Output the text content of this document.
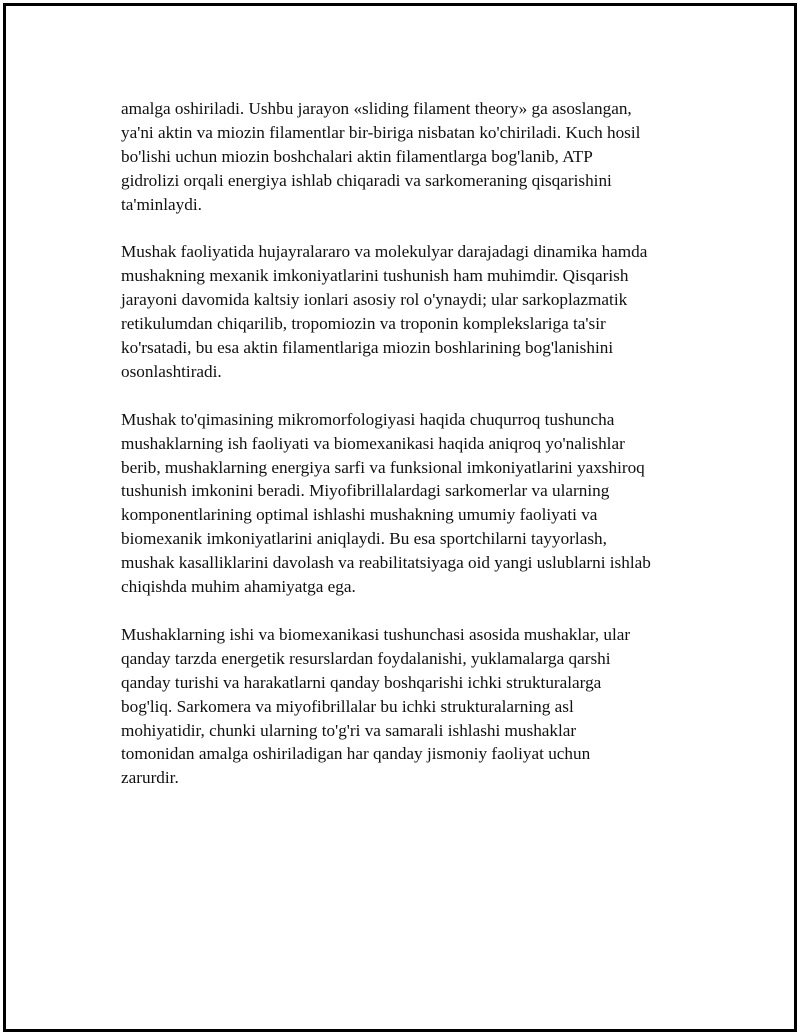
amalga oshiriladi. Ushbu jarayon «sliding filament theory» ga asoslangan,
ya'ni aktin va miozin filamentlar bir-biriga nisbatan ko'chiriladi. Kuch hosil
bo'lishi uchun miozin boshchalari aktin filamentlarga bog'lanib, ATP
gidrolizi orqali energiya ishlab chiqaradi va sarkomeraning qisqarishini
ta'minlaydi.

Mushak faoliyatida hujayralararo va molekulyar darajadagi dinamika hamda
mushakning mexanik imkoniyatlarini tushunish ham muhimdir. Qisqarish
jarayoni davomida kaltsiy ionlari asosiy rol o'ynaydi; ular sarkoplazmatik
retikulumdan chiqarilib, tropomiozin va troponin komplekslariga ta'sir
ko'rsatadi, bu esa aktin filamentlariga miozin boshlarining bog'lanishini
osonlashtiradi.

Mushak to'qimasining mikromorfologiyasi haqida chuqurroq tushuncha
mushaklarning ish faoliyati va biomexanikasi haqida aniqroq yo'nalishlar
berib, mushaklarning energiya sarfi va funksional imkoniyatlarini yaxshiroq
tushunish imkonini beradi. Miyofibrillalardagi sarkomerlar va ularning
komponentlarining optimal ishlashi mushakning umumiy faoliyati va
biomexanik imkoniyatlarini aniqlaydi. Bu esa sportchilarni tayyorlash,
mushak kasalliklarini davolash va reabilitatsiyaga oid yangi uslublarni ishlab
chiqishda muhim ahamiyatga ega.

Mushaklarning ishi va biomexanikasi tushunchasi asosida mushaklar, ular
qanday tarzda energetik resurslardan foydalanishi, yuklamalarga qarshi
qanday turishi va harakatlarni qanday boshqarishi ichki strukturalarga
bog'liq. Sarkomera va miyofibrillalar bu ichki strukturalarning asl
mohiyatidir, chunki ularning to'g'ri va samarali ishlashi mushaklar
tomonidan amalga oshiriladigan har qanday jismoniy faoliyat uchun
zarurdir.
